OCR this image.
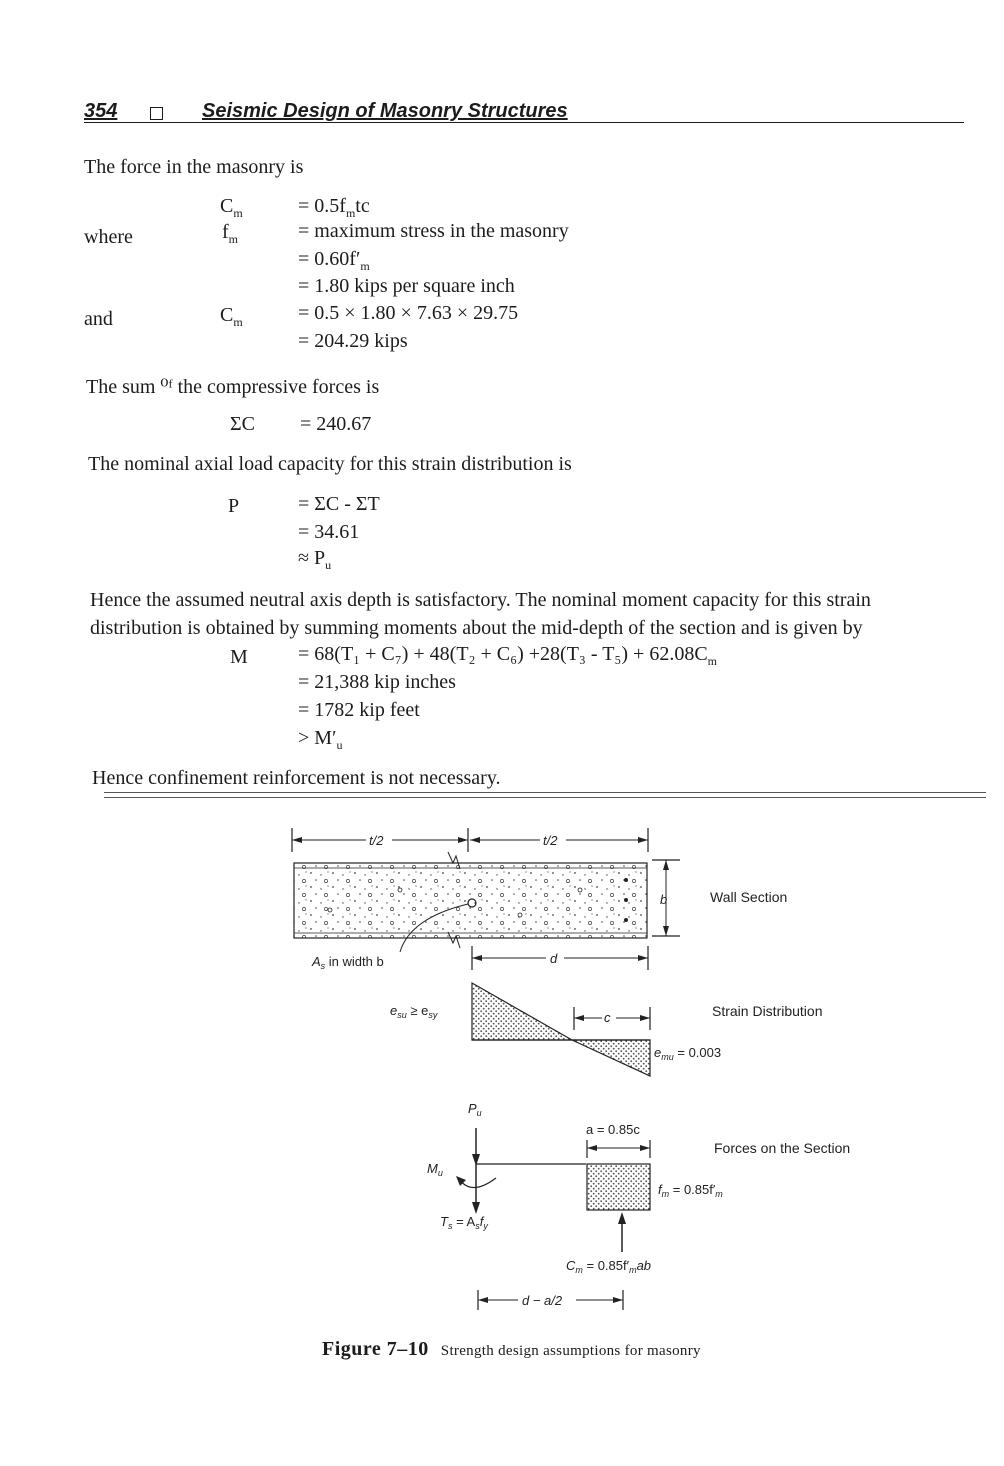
354	Seismic Design of Masonry Structures
The force in the masonry is
$C_m$	= $0.5f_mtc$
where	$f_m$	= maximum stress in the masonry
= $0.60f'_m$
= 1.80 kips per square inch
and	$C_m$	= 0.5 × 1.80 × 7.63 × 29.75
= 204.29 kips
The sum ⁰ᶠ the compressive forces is
ΣC = 240.67
The nominal axial load capacity for this strain distribution is
P	= ΣC - ΣT
= 34.61
≈ $P_u$
Hence the assumed neutral axis depth is satisfactory. The nominal moment capacity for this strain
distribution is obtained by summing moments about the mid-depth of the section and is given by
M	= $68(T_1 + C_7) + 48(T_2 + C_6) +28(T_3 - T_5) + 62.08C_m$
= 21,388 kip inches
= 1782 kip feet
> $M'_u$
Hence confinement reinforcement is not necessary.
t/2	t/2
b	Wall Section
$A_s$ in width b	d
$e_{su} \ge e_{sy}$	c	Strain Distribution
$e_{mu} = 0.003$
$P_u$
$M_u$
$T_s = A_sf_y$
a = 0.85c
Forces on the Section
$f_m = 0.85f'_m$
$C_m = 0.85f'_mab$
d − a/2
Figure 7–10 Strength design assumptions for masonry
